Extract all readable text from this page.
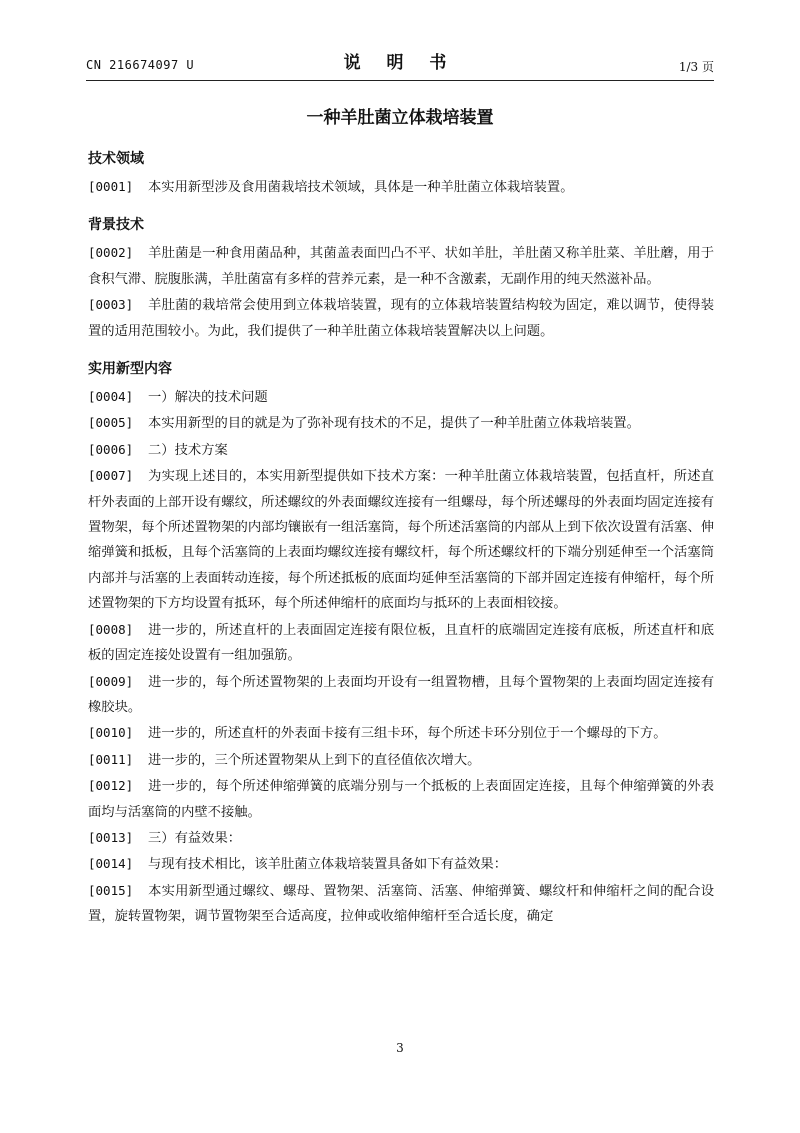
CN 216674097 U	说 明 书	1/3 页
一种羊肚菌立体栽培装置
技术领域

[0001] 本实用新型涉及食用菌栽培技术领域，具体是一种羊肚菌立体栽培装置。

背景技术

[0002] 羊肚菌是一种食用菌品种，其菌盖表面凹凸不平、状如羊肚，羊肚菌又称羊肚菜、羊肚蘑，用于食积气滞、脘腹胀满，羊肚菌富有多样的营养元素，是一种不含激素，无副作用的纯天然滋补品。

[0003] 羊肚菌的栽培常会使用到立体栽培装置，现有的立体栽培装置结构较为固定，难以调节，使得装置的适用范围较小。为此，我们提供了一种羊肚菌立体栽培装置解决以上问题。

实用新型内容

[0004] 一）解决的技术问题

[0005] 本实用新型的目的就是为了弥补现有技术的不足，提供了一种羊肚菌立体栽培装置。

[0006] 二）技术方案

[0007] 为实现上述目的，本实用新型提供如下技术方案：一种羊肚菌立体栽培装置，包括直杆，所述直杆外表面的上部开设有螺纹，所述螺纹的外表面螺纹连接有一组螺母，每个所述螺母的外表面均固定连接有置物架，每个所述置物架的内部均镶嵌有一组活塞筒，每个所述活塞筒的内部从上到下依次设置有活塞、伸缩弹簧和抵板，且每个活塞筒的上表面均螺纹连接有螺纹杆，每个所述螺纹杆的下端分别延伸至一个活塞筒内部并与活塞的上表面转动连接，每个所述抵板的底面均延伸至活塞筒的下部并固定连接有伸缩杆，每个所述置物架的下方均设置有抵环，每个所述伸缩杆的底面均与抵环的上表面相铰接。

[0008] 进一步的，所述直杆的上表面固定连接有限位板，且直杆的底端固定连接有底板，所述直杆和底板的固定连接处设置有一组加强筋。

[0009] 进一步的，每个所述置物架的上表面均开设有一组置物槽，且每个置物架的上表面均固定连接有橡胶块。

[0010] 进一步的，所述直杆的外表面卡接有三组卡环，每个所述卡环分别位于一个螺母的下方。

[0011] 进一步的，三个所述置物架从上到下的直径值依次增大。

[0012] 进一步的，每个所述伸缩弹簧的底端分别与一个抵板的上表面固定连接，且每个伸缩弹簧的外表面均与活塞筒的内壁不接触。

[0013] 三）有益效果：

[0014] 与现有技术相比，该羊肚菌立体栽培装置具备如下有益效果：

[0015] 本实用新型通过螺纹、螺母、置物架、活塞筒、活塞、伸缩弹簧、螺纹杆和伸缩杆之间的配合设置，旋转置物架，调节置物架至合适高度，拉伸或收缩伸缩杆至合适长度，确定

3
